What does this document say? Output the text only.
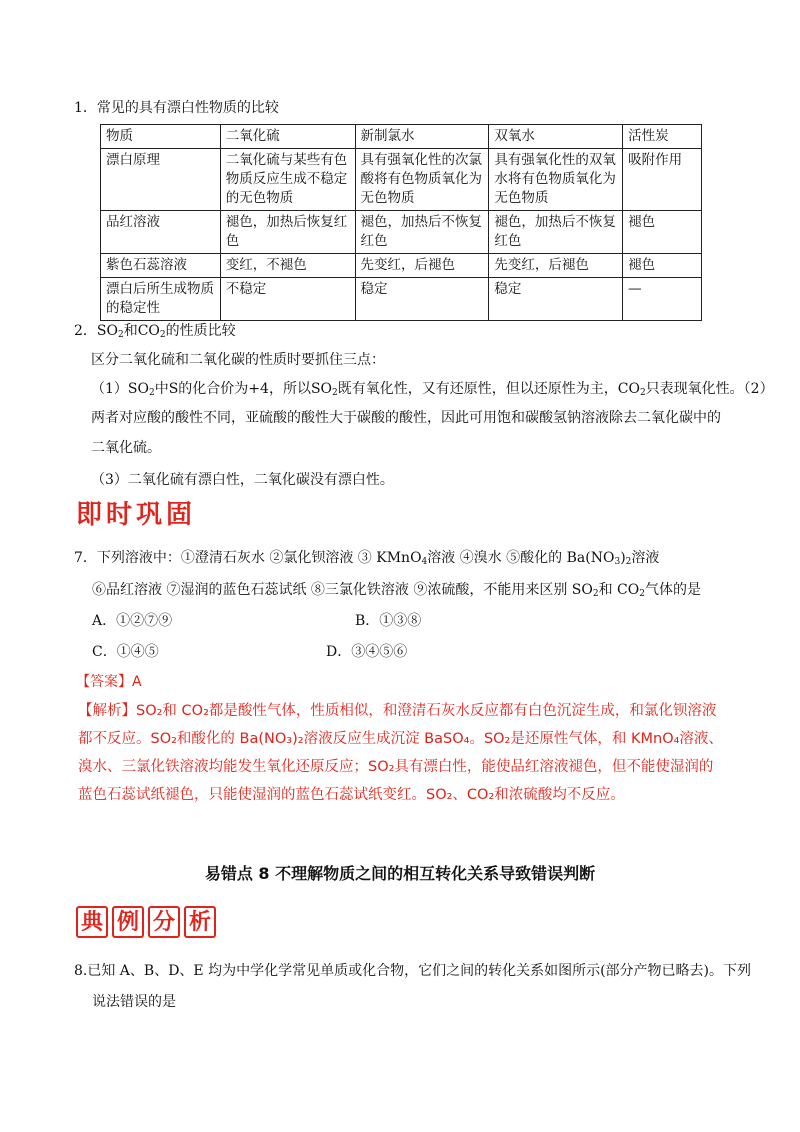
1．常见的具有漂白性物质的比较
物质	二氧化硫	新制氯水	双氧水	活性炭
漂白原理	二氧化硫与某些有色物质反应生成不稳定的无色物质	具有强氧化性的次氯酸将有色物质氧化为无色物质	具有强氧化性的双氧水将有色物质氧化为无色物质	吸附作用
品红溶液	褪色，加热后恢复红色	褪色，加热后不恢复红色	褪色，加热后不恢复红色	褪色
紫色石蕊溶液	变红，不褪色	先变红，后褪色	先变红，后褪色	褪色
漂白后所生成物质的稳定性	不稳定	稳定	稳定	—
2．$SO_2$和$CO_2$的性质比较
区分二氧化硫和二氧化碳的性质时要抓住三点：
$(1)SO_2$中S的化合价为+4，所以$SO_2$既有氧化性，又有还原性，但以还原性为主，$CO_2$只表现氧化性。（2）
两者对应酸的酸性不同，亚硫酸的酸性大于碳酸的酸性，因此可用饱和碳酸氢钠溶液除去二氧化碳中的
二氧化硫。
（3）二氧化硫有漂白性，二氧化碳没有漂白性。
即时巩固
7．下列溶液中：①澄清石灰水 ②氯化钡溶液 ③ KMnO$_4$溶液 ④溴水 ⑤酸化的 $Ba(NO_3)_2$溶液
⑥品红溶液 ⑦湿润的蓝色石蕊试纸 ⑧三氯化铁溶液 ⑨浓硫酸，不能用来区别 $SO_2$和 $CO_2$气体的是
A．①②⑦⑨	B．①③⑧
C．①④⑤	D．③④⑤⑥
【答案】A
【解析】SO₂和 CO₂都是酸性气体，性质相似，和澄清石灰水反应都有白色沉淀生成，和氯化钡溶液都不反应。SO₂和酸化的 Ba(NO₃)₂溶液反应生成沉淀 BaSO₄。SO₂是还原性气体，和 KMnO₄溶液、溴水、三氯化铁溶液均能发生氧化还原反应；SO₂具有漂白性，能使品红溶液褪色，但不能使湿润的蓝色石蕊试纸褪色，只能使湿润的蓝色石蕊试纸变红。SO₂、CO₂和浓硫酸均不反应。
易错点 8 不理解物质之间的相互转化关系导致错误判断
典 例 分 析
8.已知 A、B、D、E 均为中学化学常见单质或化合物，它们之间的转化关系如图所示(部分产物已略去)。下列
说法错误的是
